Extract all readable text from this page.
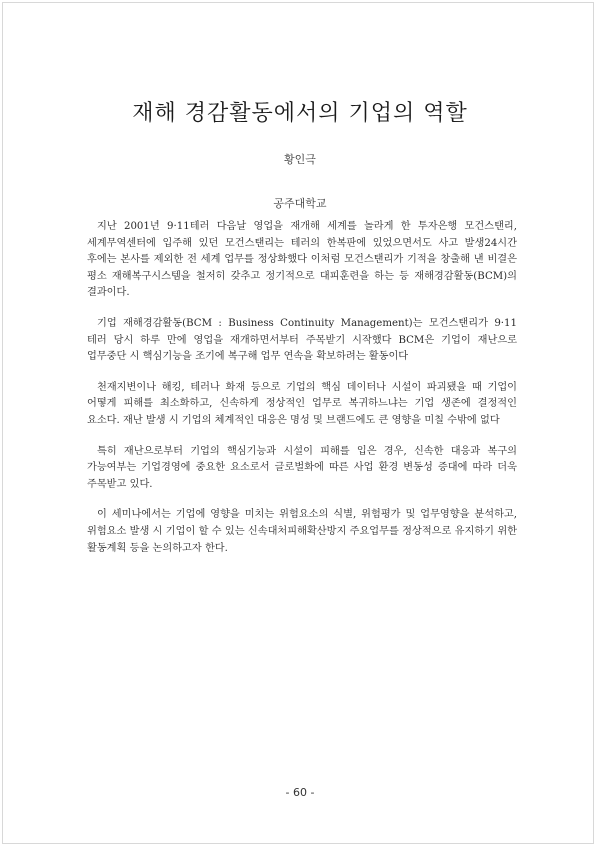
재해 경감활동에서의 기업의 역할
황인극
공주대학교

지난 2001년 9·11테러 다음날 영업을 재개해 세계를 놀라게 한 투자은행 모건스탠리, 세계무역센터에 입주해 있던 모건스탠리는 테러의 한복판에 있었으면서도 사고 발생24시간 후에는 본사를 제외한 전 세계 업무를 정상화했다 이처럼 모건스탠리가 기적을 창출해 낸 비결은 평소 재해복구시스템을 철저히 갖추고 정기적으로 대피훈련을 하는 등 재해경감활동(BCM)의 결과이다.

기업 재해경감활동(BCM : Business Continuity Management)는 모건스탠리가 9·11 테러 당시 하루 만에 영업을 재개하면서부터 주목받기 시작했다 BCM은 기업이 재난으로 업무중단 시 핵심기능을 조기에 복구해 업무 연속을 확보하려는 활동이다

천재지변이나 해킹, 테러나 화재 등으로 기업의 핵심 데이터나 시설이 파괴됐을 때 기업이 어떻게 피해를 최소화하고, 신속하게 정상적인 업무로 복귀하느냐는 기업 생존에 결정적인 요소다. 재난 발생 시 기업의 체계적인 대응은 명성 및 브랜드에도 큰 영향을 미칠 수밖에 없다

특히 재난으로부터 기업의 핵심기능과 시설이 피해를 입은 경우, 신속한 대응과 복구의 가능여부는 기업경영에 중요한 요소로서 글로벌화에 따른 사업 환경 변동성 증대에 따라 더욱 주목받고 있다.

이 세미나에서는 기업에 영향을 미치는 위험요소의 식별, 위험평가 및 업무영향을 분석하고, 위험요소 발생 시 기업이 할 수 있는 신속대처피해확산방지 주요업무를 정상적으로 유지하기 위한 활동계획 등을 논의하고자 한다.

- 60 -
